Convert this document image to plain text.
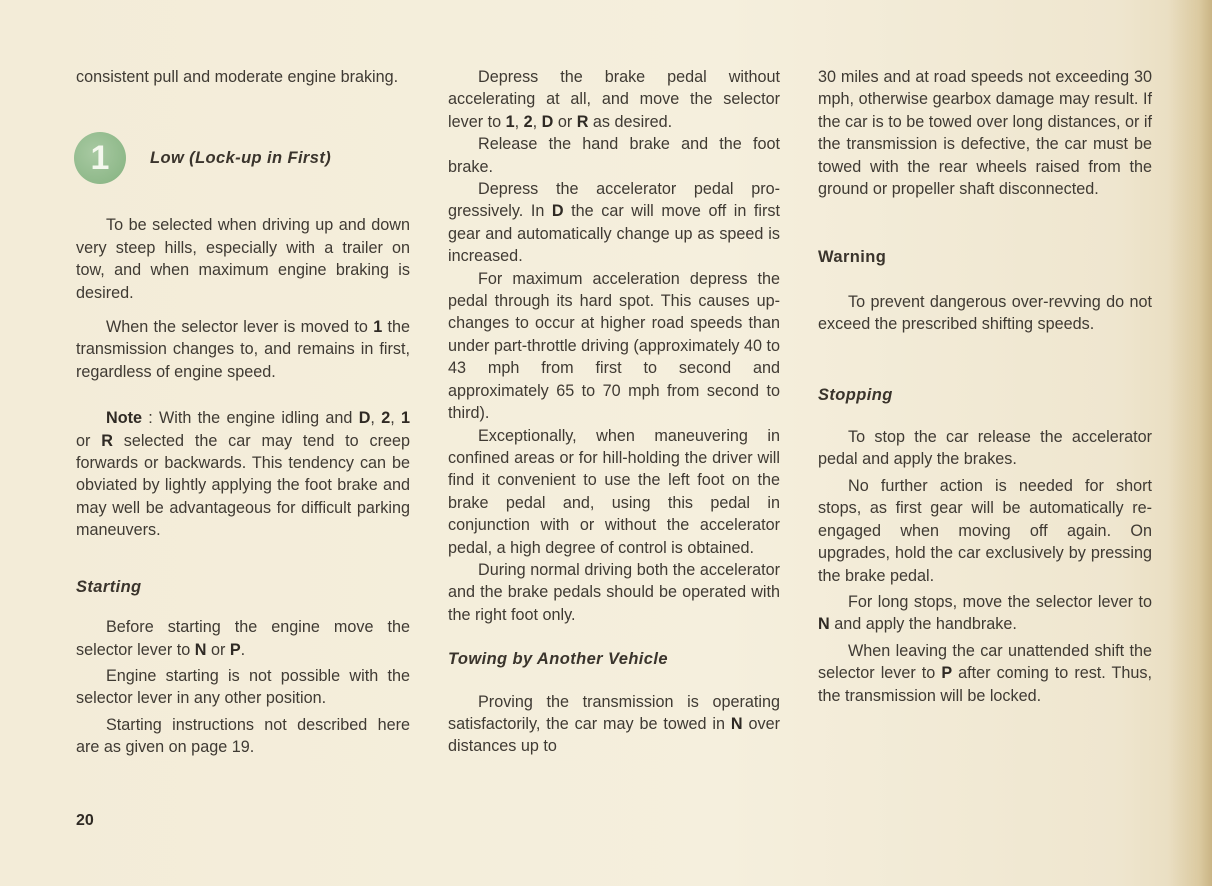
consistent pull and moderate engine braking.

1	Low (Lock-up in First)

To be selected when driving up and down very steep hills, especially with a trailer on tow, and when maximum engine braking is desired.

When the selector lever is moved to 1 the transmission changes to, and remains in first, regardless of engine speed.

Note : With the engine idling and D, 2, 1 or R selected the car may tend to creep forwards or backwards. This tendency can be obviated by lightly applying the foot brake and may well be advantageous for difficult parking maneuvers.

Starting

Before starting the engine move the selector lever to N or P.

Engine starting is not possible with the selector lever in any other position.

Starting instructions not described here are as given on page 19.

Depress the brake pedal without accelerating at all, and move the selector lever to 1, 2, D or R as desired.

Release the hand brake and the foot brake.

Depress the accelerator pedal progressively. In D the car will move off in first gear and automatically change up as speed is increased.

For maximum acceleration depress the pedal through its hard spot. This causes up-changes to occur at higher road speeds than under part-throttle driving (approximately 40 to 43 mph from first to second and approximately 65 to 70 mph from second to third).

Exceptionally, when maneuvering in confined areas or for hill-holding the driver will find it convenient to use the left foot on the brake pedal and, using this pedal in conjunction with or without the accelerator pedal, a high degree of control is obtained.

During normal driving both the accelerator and the brake pedals should be operated with the right foot only.

Towing by Another Vehicle

Proving the transmission is operating satisfactorily, the car may be towed in N over distances up to

30 miles and at road speeds not exceeding 30 mph, otherwise gearbox damage may result. If the car is to be towed over long distances, or if the transmission is defective, the car must be towed with the rear wheels raised from the ground or propeller shaft disconnected.

Warning

To prevent dangerous over-revving do not exceed the prescribed shifting speeds.

Stopping

To stop the car release the accelerator pedal and apply the brakes.

No further action is needed for short stops, as first gear will be automatically re-engaged when moving off again. On upgrades, hold the car exclusively by pressing the brake pedal.

For long stops, move the selector lever to N and apply the handbrake.

When leaving the car unattended shift the selector lever to P after coming to rest. Thus, the transmission will be locked.

20
